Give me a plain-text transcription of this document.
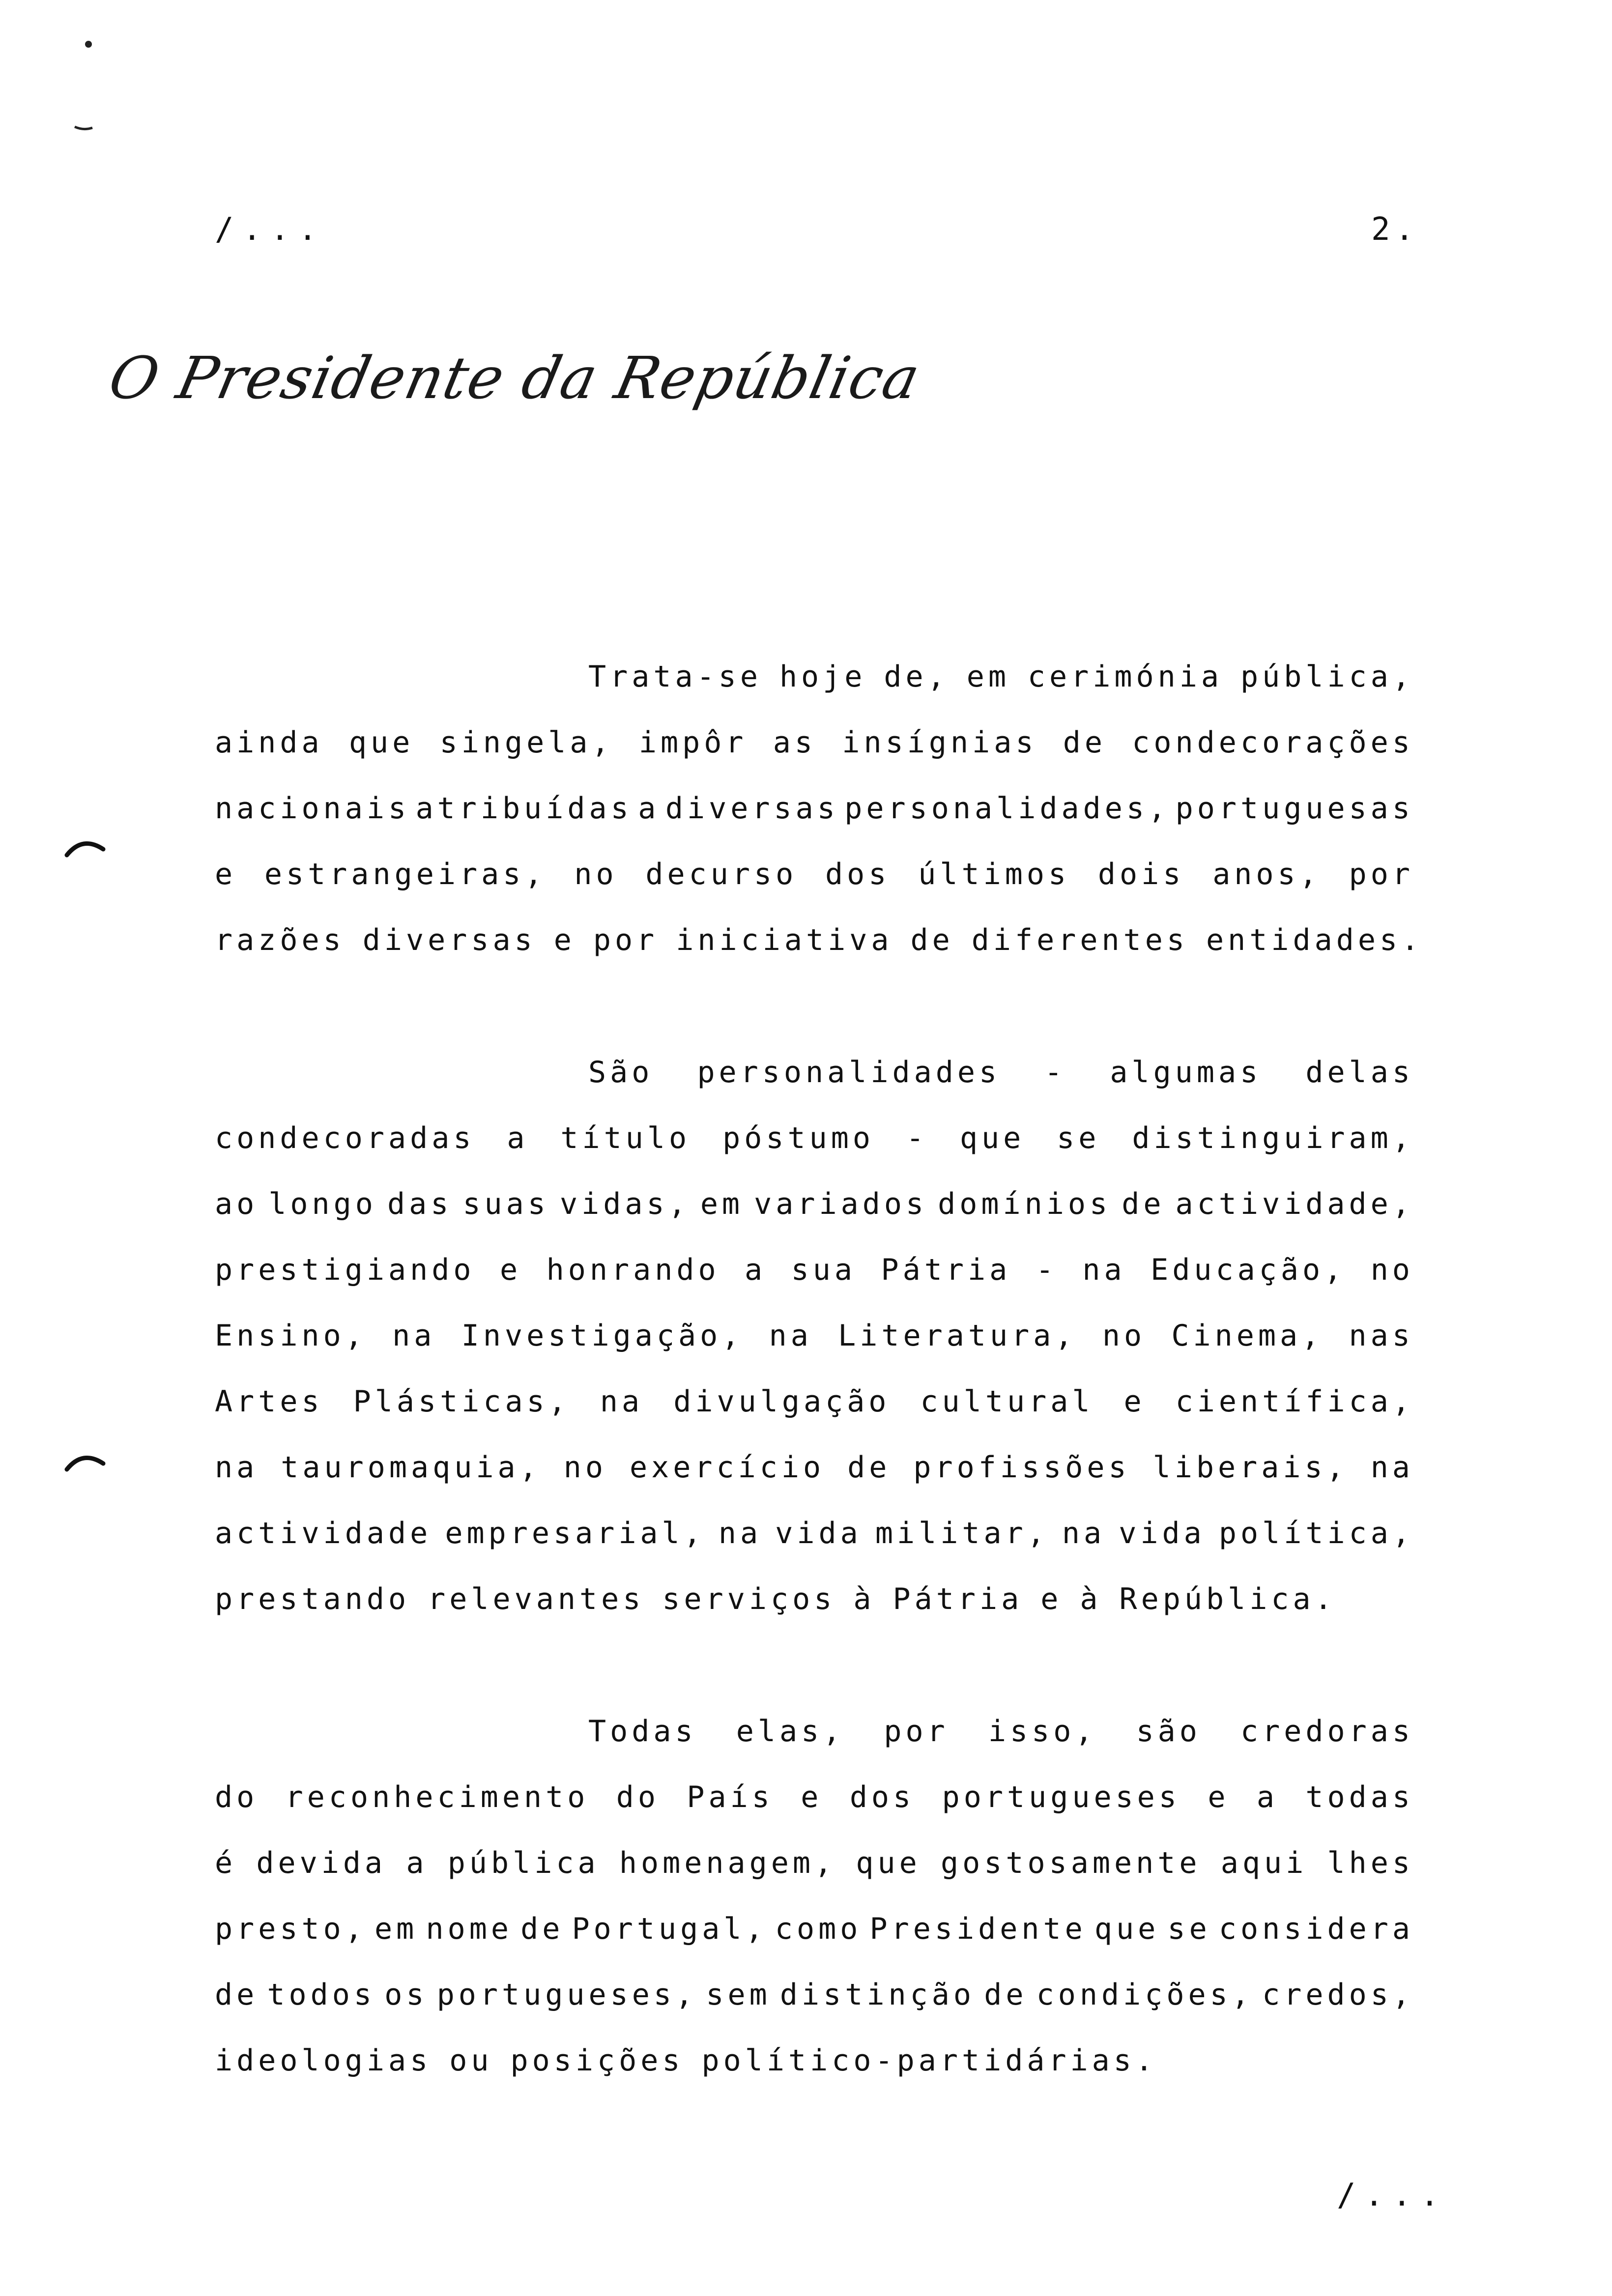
/...	2.
O Presidente da República
Trata-se hoje de, em cerimónia pública,
ainda que singela, impôr as insígnias de condecorações
nacionais atribuídas a diversas personalidades, portuguesas
e estrangeiras, no decurso dos últimos dois anos, por
razões diversas e por iniciativa de diferentes entidades.
São personalidades - algumas delas
condecoradas a título póstumo - que se distinguiram,
ao longo das suas vidas, em variados domínios de actividade,
prestigiando e honrando a sua Pátria - na Educação, no
Ensino, na Investigação, na Literatura, no Cinema, nas
Artes Plásticas, na divulgação cultural e científica,
na tauromaquia, no exercício de profissões liberais, na
actividade empresarial, na vida militar, na vida política,
prestando relevantes serviços à Pátria e à República.
Todas elas, por isso, são credoras
do reconhecimento do País e dos portugueses e a todas
é devida a pública homenagem, que gostosamente aqui lhes
presto, em nome de Portugal, como Presidente que se considera
de todos os portugueses, sem distinção de condições, credos,
ideologias ou posições político-partidárias.
/...
